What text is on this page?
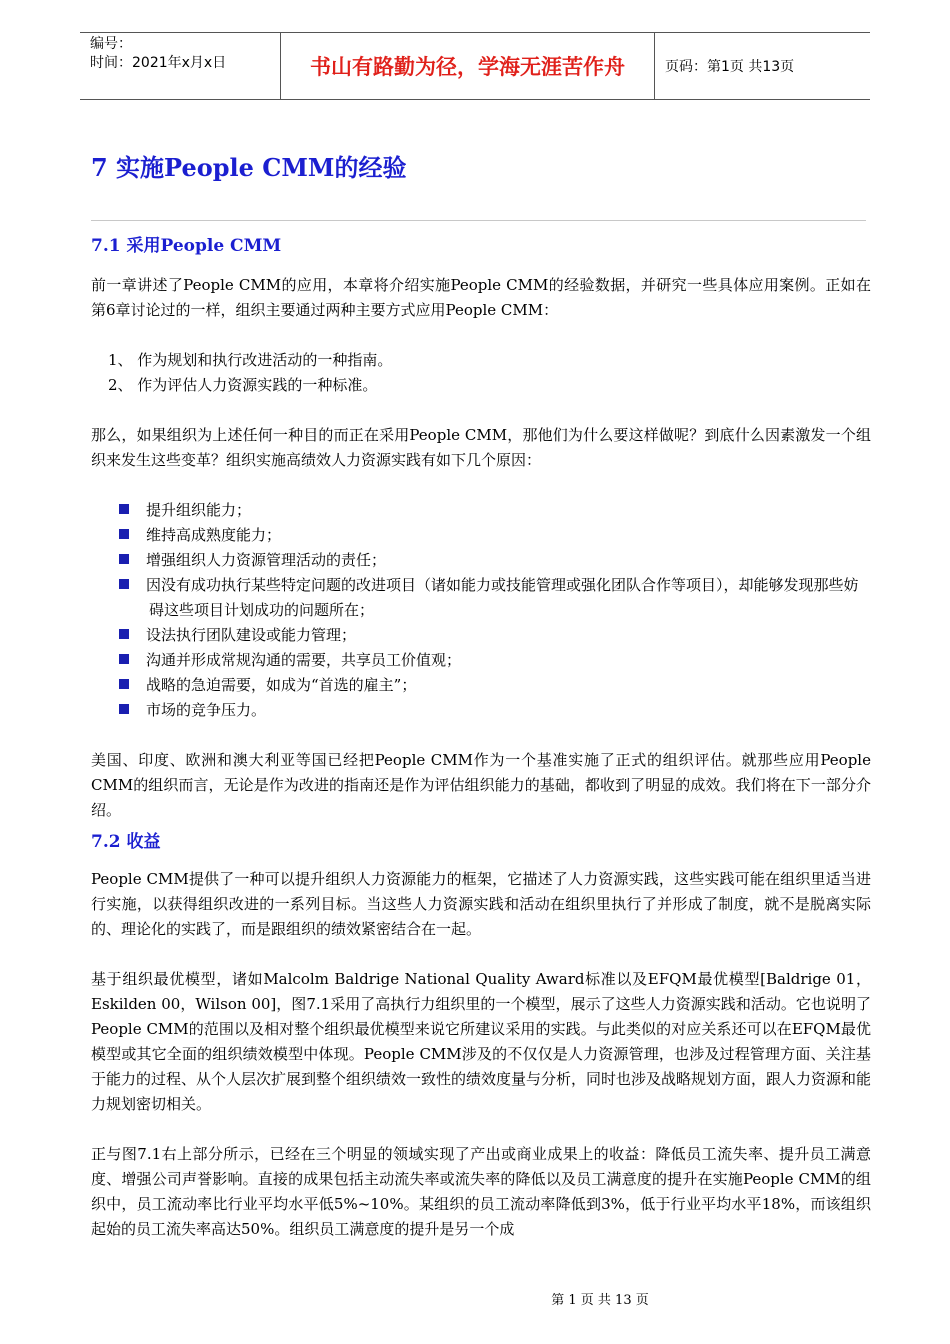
编号：
时间：2021年x月x日	书山有路勤为径，学海无涯苦作舟	页码：第1页 共13页
7 实施People CMM的经验
7.1 采用People CMM

前一章讲述了People CMM的应用，本章将介绍实施People CMM的经验数据，并研究一些具体应用案例。正如在第6章讨论过的一样，组织主要通过两种主要方式应用People CMM：

1、 作为规划和执行改进活动的一种指南。
2、 作为评估人力资源实践的一种标准。

那么，如果组织为上述任何一种目的而正在采用People CMM，那他们为什么要这样做呢？到底什么因素激发一个组织来发生这些变革？组织实施高绩效人力资源实践有如下几个原因：

提升组织能力；
维持高成熟度能力；
增强组织人力资源管理活动的责任；
因没有成功执行某些特定问题的改进项目（诸如能力或技能管理或强化团队合作等项目），却能够发现那些妨碍这些项目计划成功的问题所在；
设法执行团队建设或能力管理；
沟通并形成常规沟通的需要，共享员工价值观；
战略的急迫需要，如成为“首选的雇主”；
市场的竞争压力。

美国、印度、欧洲和澳大利亚等国已经把People CMM作为一个基准实施了正式的组织评估。就那些应用People CMM的组织而言，无论是作为改进的指南还是作为评估组织能力的基础，都收到了明显的成效。我们将在下一部分介绍。

7.2 收益

People CMM提供了一种可以提升组织人力资源能力的框架，它描述了人力资源实践，这些实践可能在组织里适当进行实施，以获得组织改进的一系列目标。当这些人力资源实践和活动在组织里执行了并形成了制度，就不是脱离实际的、理论化的实践了，而是跟组织的绩效紧密结合在一起。

基于组织最优模型，诸如Malcolm Baldrige National Quality Award标准以及EFQM最优模型[Baldrige 01，Eskilden 00，Wilson 00]，图7.1采用了高执行力组织里的一个模型，展示了这些人力资源实践和活动。它也说明了People CMM的范围以及相对整个组织最优模型来说它所建议采用的实践。与此类似的对应关系还可以在EFQM最优模型或其它全面的组织绩效模型中体现。People CMM涉及的不仅仅是人力资源管理，也涉及过程管理方面、关注基于能力的过程、从个人层次扩展到整个组织绩效一致性的绩效度量与分析，同时也涉及战略规划方面，跟人力资源和能力规划密切相关。

正与图7.1右上部分所示，已经在三个明显的领域实现了产出或商业成果上的收益：降低员工流失率、提升员工满意度、增强公司声誉影响。直接的成果包括主动流失率或流失率的降低以及员工满意度的提升在实施People CMM的组织中，员工流动率比行业平均水平低5%~10%。某组织的员工流动率降低到3%，低于行业平均水平18%，而该组织起始的员工流失率高达50%。组织员工满意度的提升是另一个成

第 1 页 共 13 页
